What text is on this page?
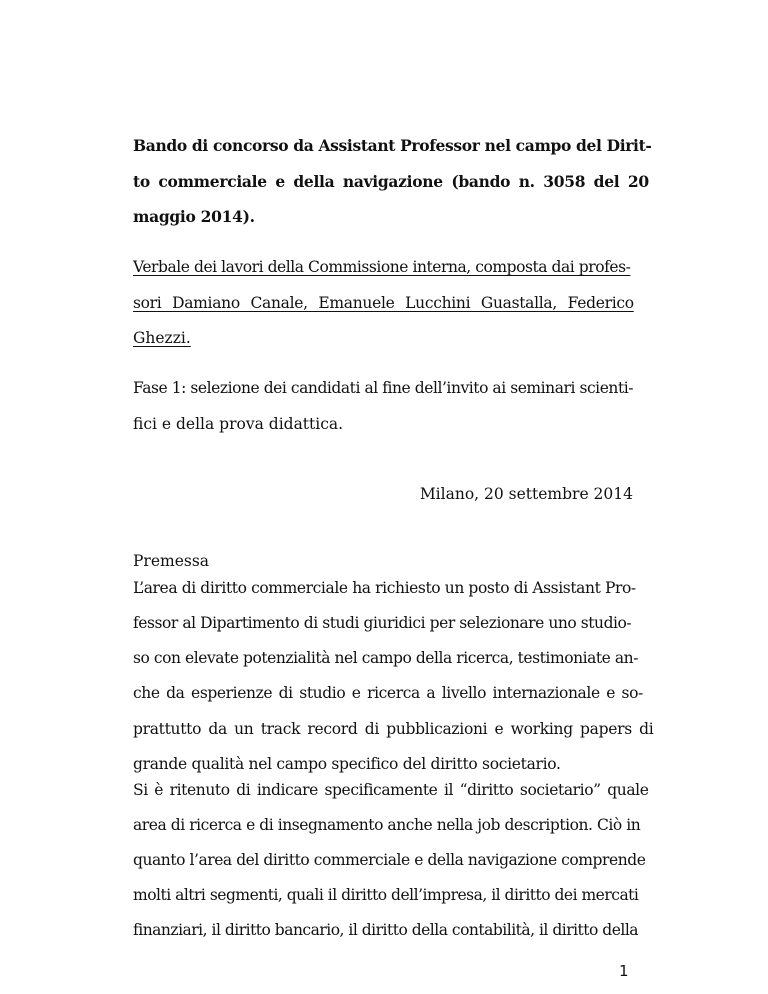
Bando di concorso da Assistant Professor nel campo del Dirit-
to commerciale e della navigazione (bando n. 3058 del 20
maggio 2014).
Verbale dei lavori della Commissione interna, composta dai profes-
sori Damiano Canale, Emanuele Lucchini Guastalla, Federico
Ghezzi.
Fase 1: selezione dei candidati al fine dell’invito ai seminari scienti-
fici e della prova didattica.
Milano, 20 settembre 2014
Premessa
L’area di diritto commerciale ha richiesto un posto di Assistant Pro-
fessor al Dipartimento di studi giuridici per selezionare uno studio-
so con elevate potenzialità nel campo della ricerca, testimoniate an-
che da esperienze di studio e ricerca a livello internazionale e so-
prattutto da un track record di pubblicazioni e working papers di
grande qualità nel campo specifico del diritto societario.
Si è ritenuto di indicare specificamente il “diritto societario” quale
area di ricerca e di insegnamento anche nella job description. Ciò in
quanto l’area del diritto commerciale e della navigazione comprende
molti altri segmenti, quali il diritto dell’impresa, il diritto dei mercati
finanziari, il diritto bancario, il diritto della contabilità, il diritto della
1
